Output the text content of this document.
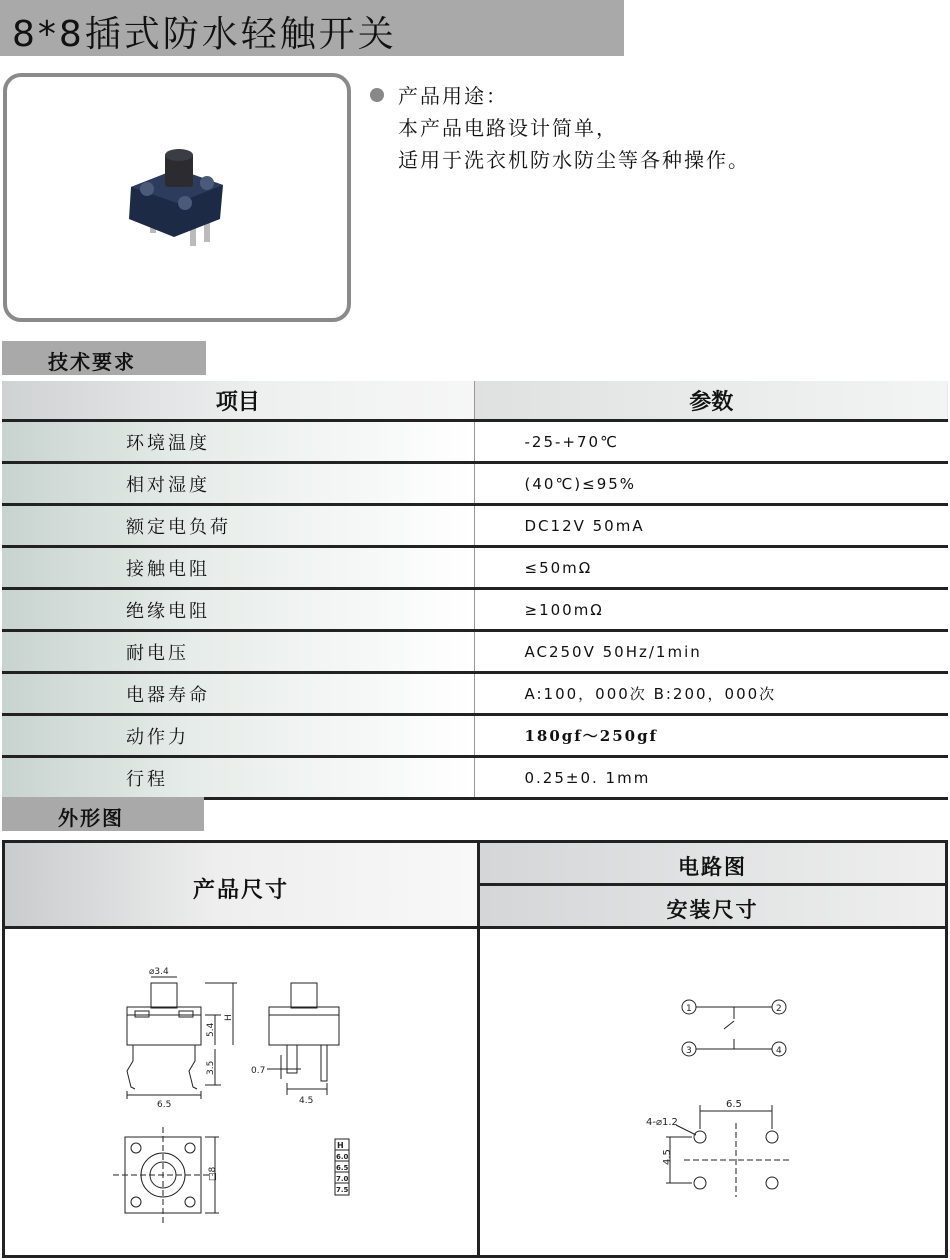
8*8插式防水轻触开关
产品用途：
本产品电路设计简单，
适用于洗衣机防水防尘等各种操作。
技术要求
项目	参数
环境温度	-25-+70℃
相对湿度	(40℃)≤95%
额定电负荷	DC12V 50mA
接触电阻	≤50mΩ
绝缘电阻	≥100mΩ
耐电压	AC250V 50Hz/1min
电器寿命	A:100，000次 B:200，000次
动作力	180gf～250gf
行程	0.25±0. 1mm
外形图
产品尺寸
电路图
安装尺寸
⌀3.4
5.4
H
3.5
6.5
0.7
4.5
□8
H
6.0
6.5
7.0
7.5
1	2
3	4
6.5
4-⌀1.2
4.5
